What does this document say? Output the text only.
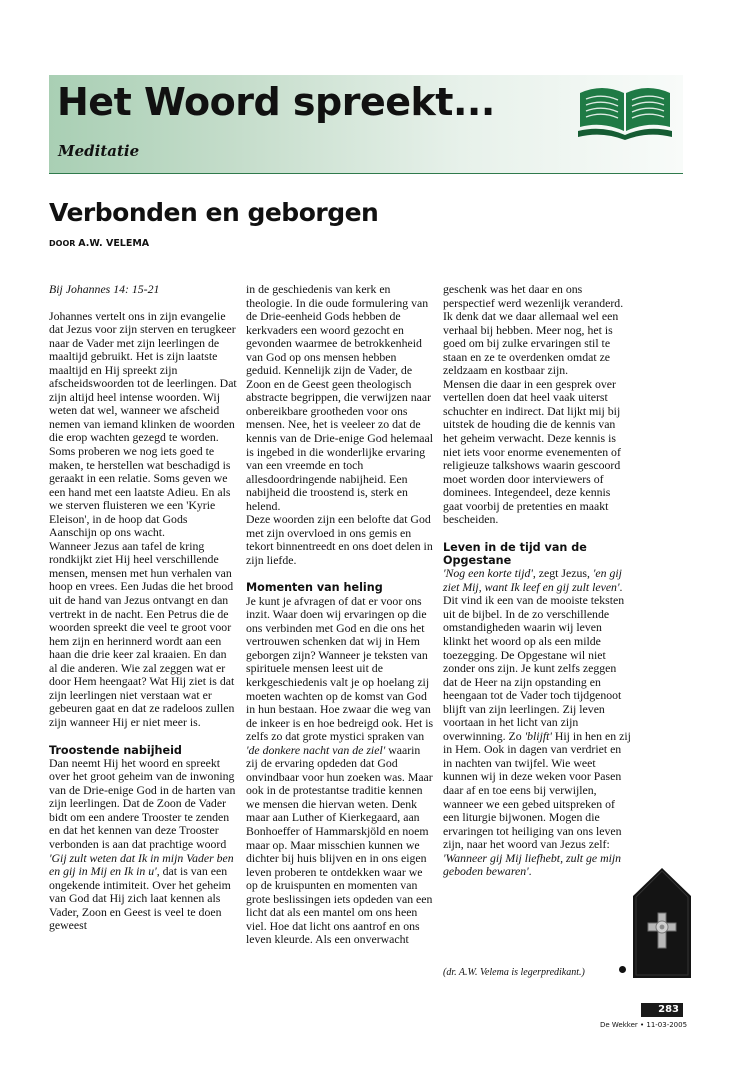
Het Woord spreekt...
Meditatie
Verbonden en geborgen
DOOR A.W. VELEMA

Bij Johannes 14: 15-21

Johannes vertelt ons in zijn evangelie dat Jezus voor zijn sterven en terugkeer naar de Vader met zijn leerlingen de maaltijd gebruikt. Het is zijn laatste maaltijd en Hij spreekt zijn afscheidswoorden tot de leerlingen. Dat zijn altijd heel intense woorden. Wij weten dat wel, wanneer we afscheid nemen van iemand klinken de woorden die erop wachten gezegd te worden. Soms proberen we nog iets goed te maken, te herstellen wat beschadigd is geraakt in een relatie. Soms geven we een hand met een laatste Adieu. En als we sterven fluisteren we een 'Kyrie Eleison', in de hoop dat Gods Aanschijn op ons wacht.

Wanneer Jezus aan tafel de kring rondkijkt ziet Hij heel verschillende mensen, mensen met hun verhalen van hoop en vrees. Een Judas die het brood uit de hand van Jezus ontvangt en dan vertrekt in de nacht. Een Petrus die de woorden spreekt die veel te groot voor hem zijn en herinnerd wordt aan een haan die drie keer zal kraaien. En dan al die anderen. Wie zal zeggen wat er door Hem heengaat? Wat Hij ziet is dat zijn leerlingen niet verstaan wat er gebeuren gaat en dat ze radeloos zullen zijn wanneer Hij er niet meer is.

Troostende nabijheid

Dan neemt Hij het woord en spreekt over het groot geheim van de inwoning van de Drie-enige God in de harten van zijn leerlingen. Dat de Zoon de Vader bidt om een andere Trooster te zenden en dat het kennen van deze Trooster verbonden is aan dat prachtige woord 'Gij zult weten dat Ik in mijn Vader ben en gij in Mij en Ik in u', dat is van een ongekende intimiteit. Over het geheim van God dat Hij zich laat kennen als Vader, Zoon en Geest is veel te doen geweest

in de geschiedenis van kerk en theologie. In die oude formulering van de Drie-eenheid Gods hebben de kerkvaders een woord gezocht en gevonden waarmee de betrokkenheid van God op ons mensen hebben geduid. Kennelijk zijn de Vader, de Zoon en de Geest geen theologisch abstracte begrippen, die verwijzen naar onbereikbare grootheden voor ons mensen. Nee, het is veeleer zo dat de kennis van de Drie-enige God helemaal is ingebed in die wonderlijke ervaring van een vreemde en toch allesdoordringende nabijheid. Een nabijheid die troostend is, sterk en helend.

Deze woorden zijn een belofte dat God met zijn overvloed in ons gemis en tekort binnentreedt en ons doet delen in zijn liefde.

Momenten van heling

Je kunt je afvragen of dat er voor ons inzit. Waar doen wij ervaringen op die ons verbinden met God en die ons het vertrouwen schenken dat wij in Hem geborgen zijn? Wanneer je teksten van spirituele mensen leest uit de kerkgeschiedenis valt je op hoelang zij moeten wachten op de komst van God in hun bestaan. Hoe zwaar die weg van de inkeer is en hoe bedreigd ook. Het is zelfs zo dat grote mystici spraken van 'de donkere nacht van de ziel' waarin zij de ervaring opdeden dat God onvindbaar voor hun zoeken was. Maar ook in de protestantse traditie kennen we mensen die hiervan weten. Denk maar aan Luther of Kierkegaard, aan Bonhoeffer of Hammarskjöld en noem maar op. Maar misschien kunnen we dichter bij huis blijven en in ons eigen leven proberen te ontdekken waar we op de kruispunten en momenten van grote beslissingen iets opdeden van een licht dat als een mantel om ons heen viel. Hoe dat licht ons aantrof en ons leven kleurde. Als een onverwacht

geschenk was het daar en ons perspectief werd wezenlijk veranderd. Ik denk dat we daar allemaal wel een verhaal bij hebben. Meer nog, het is goed om bij zulke ervaringen stil te staan en ze te overdenken omdat ze zeldzaam en kostbaar zijn.

Mensen die daar in een gesprek over vertellen doen dat heel vaak uiterst schuchter en indirect. Dat lijkt mij bij uitstek de houding die de kennis van het geheim verwacht. Deze kennis is niet iets voor enorme evenementen of religieuze talkshows waarin gescoord moet worden door interviewers of dominees. Integendeel, deze kennis gaat voorbij de pretenties en maakt bescheiden.

Leven in de tijd van de Opgestane

'Nog een korte tijd', zegt Jezus, 'en gij ziet Mij, want Ik leef en gij zult leven'. Dit vind ik een van de mooiste teksten uit de bijbel. In de zo verschillende omstandigheden waarin wij leven klinkt het woord op als een milde toezegging. De Opgestane wil niet zonder ons zijn. Je kunt zelfs zeggen dat de Heer na zijn opstanding en heengaan tot de Vader toch tijdgenoot blijft van zijn leerlingen. Zij leven voortaan in het licht van zijn overwinning. Zo 'blijft' Hij in hen en zij in Hem. Ook in dagen van verdriet en in nachten van twijfel. Wie weet kunnen wij in deze weken voor Pasen daar af en toe eens bij verwijlen, wanneer we een gebed uitspreken of een liturgie bijwonen. Mogen die ervaringen tot heiliging van ons leven zijn, naar het woord van Jezus zelf: 'Wanneer gij Mij liefhebt, zult ge mijn geboden bewaren'.

(dr. A.W. Velema is legerpredikant.)
283
De Wekker • 11-03-2005
